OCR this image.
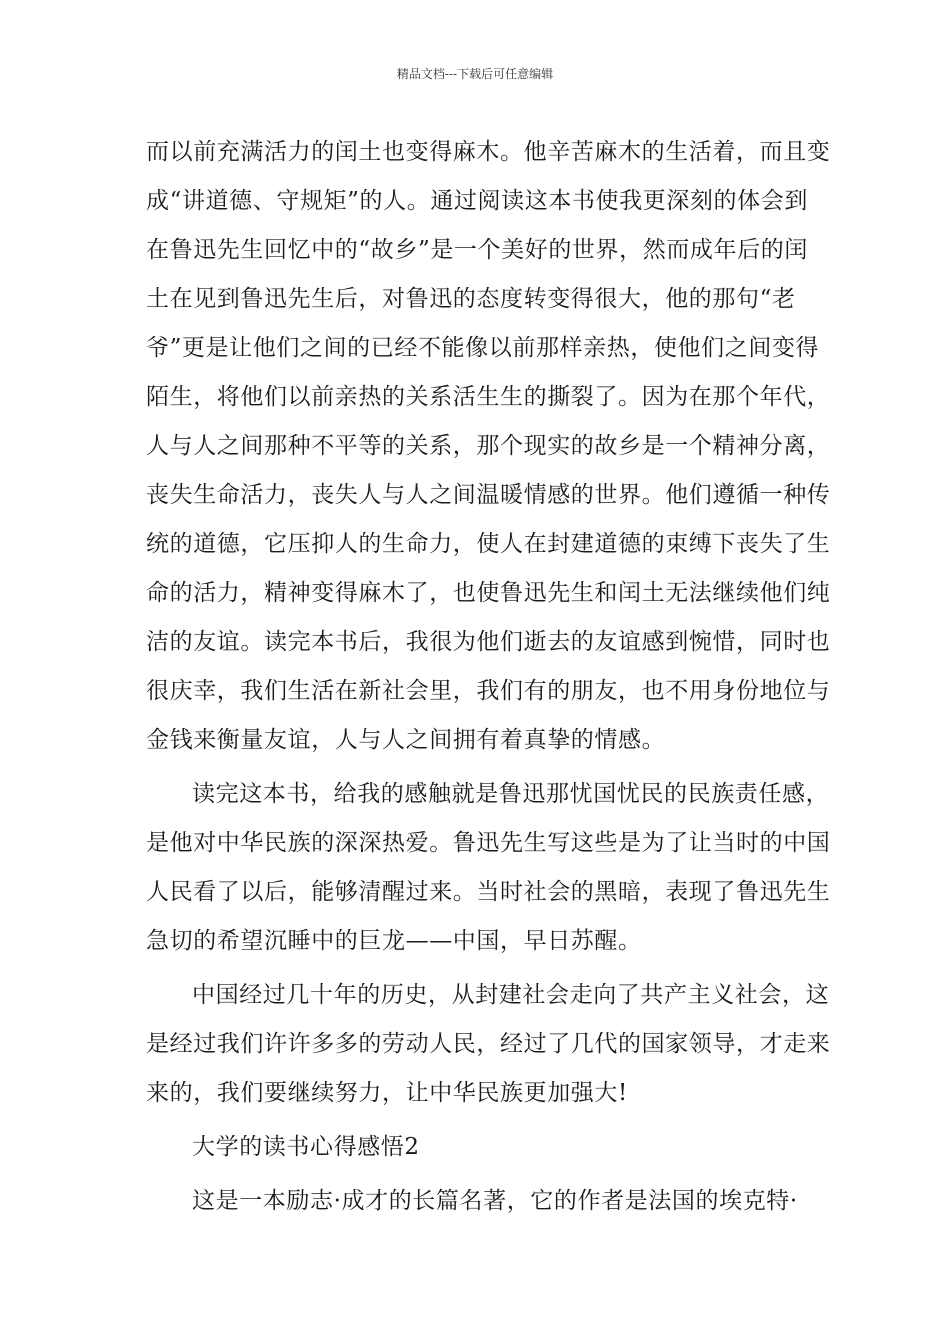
精品文档---下载后可任意编辑
而以前充满活力的闰土也变得麻木。他辛苦麻木的生活着，而且变
成“讲道德、守规矩”的人。通过阅读这本书使我更深刻的体会到
在鲁迅先生回忆中的“故乡”是一个美好的世界，然而成年后的闰
土在见到鲁迅先生后，对鲁迅的态度转变得很大，他的那句“老
爷”更是让他们之间的已经不能像以前那样亲热，使他们之间变得
陌生，将他们以前亲热的关系活生生的撕裂了。因为在那个年代，
人与人之间那种不平等的关系，那个现实的故乡是一个精神分离，
丧失生命活力，丧失人与人之间温暖情感的世界。他们遵循一种传
统的道德，它压抑人的生命力，使人在封建道德的束缚下丧失了生
命的活力，精神变得麻木了，也使鲁迅先生和闰土无法继续他们纯
洁的友谊。读完本书后，我很为他们逝去的友谊感到惋惜，同时也
很庆幸，我们生活在新社会里，我们有的朋友，也不用身份地位与
金钱来衡量友谊，人与人之间拥有着真挚的情感。
读完这本书，给我的感触就是鲁迅那忧国忧民的民族责任感，
是他对中华民族的深深热爱。鲁迅先生写这些是为了让当时的中国
人民看了以后，能够清醒过来。当时社会的黑暗，表现了鲁迅先生
急切的希望沉睡中的巨龙——中国，早日苏醒。
中国经过几十年的历史，从封建社会走向了共产主义社会，这
是经过我们许许多多的劳动人民，经过了几代的国家领导，才走来
来的，我们要继续努力，让中华民族更加强大!
大学的读书心得感悟2
这是一本励志·成才的长篇名著，它的作者是法国的埃克特·
